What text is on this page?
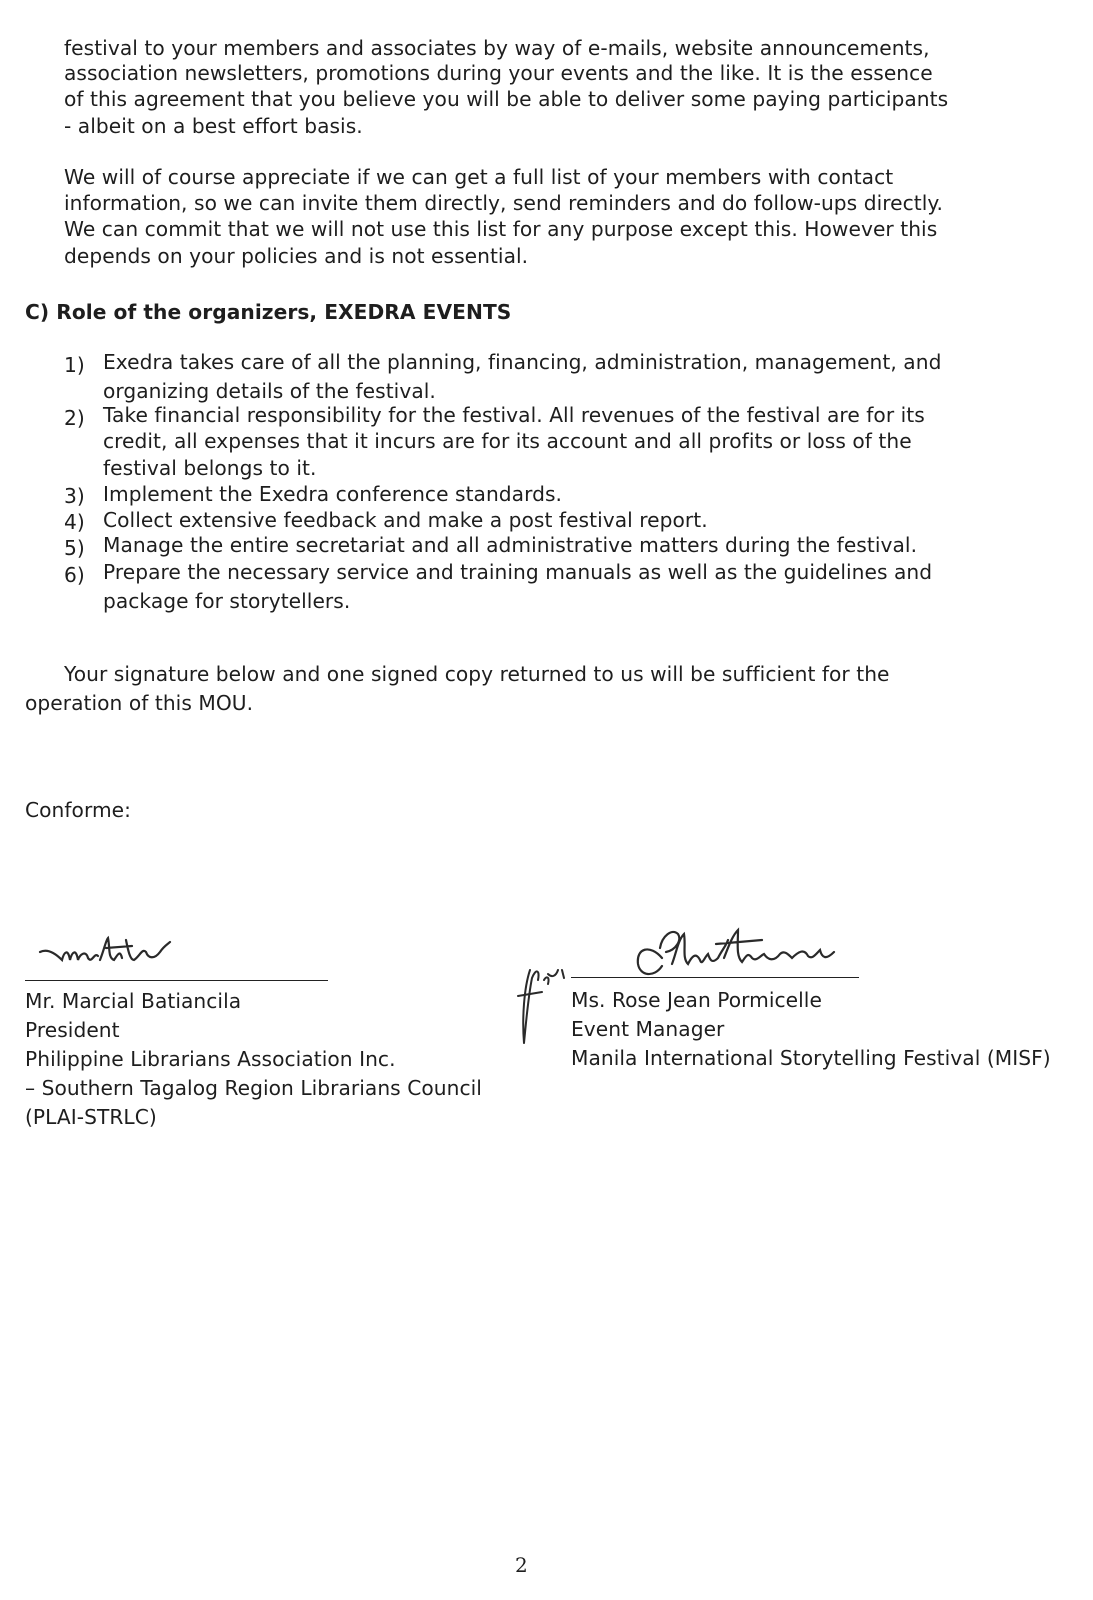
festival to your members and associates by way of e-mails, website announcements,
association newsletters, promotions during your events and the like. It is the essence
of this agreement that you believe you will be able to deliver some paying participants
- albeit on a best effort basis.
We will of course appreciate if we can get a full list of your members with contact
information, so we can invite them directly, send reminders and do follow-ups directly.
We can commit that we will not use this list for any purpose except this. However this
depends on your policies and is not essential.
C) Role of the organizers, EXEDRA EVENTS
1) Exedra takes care of all the planning, financing, administration, management, and
organizing details of the festival.
2) Take financial responsibility for the festival. All revenues of the festival are for its
credit, all expenses that it incurs are for its account and all profits or loss of the
festival belongs to it.
3) Implement the Exedra conference standards.
4) Collect extensive feedback and make a post festival report.
5) Manage the entire secretariat and all administrative matters during the festival.
6) Prepare the necessary service and training manuals as well as the guidelines and
package for storytellers.
Your signature below and one signed copy returned to us will be sufficient for the
operation of this MOU.
Conforme:
Mr. Marcial Batiancila
President
Philippine Librarians Association Inc.
– Southern Tagalog Region Librarians Council
(PLAI-STRLC)
Ms. Rose Jean Pormicelle
Event Manager
Manila International Storytelling Festival (MISF)
2
